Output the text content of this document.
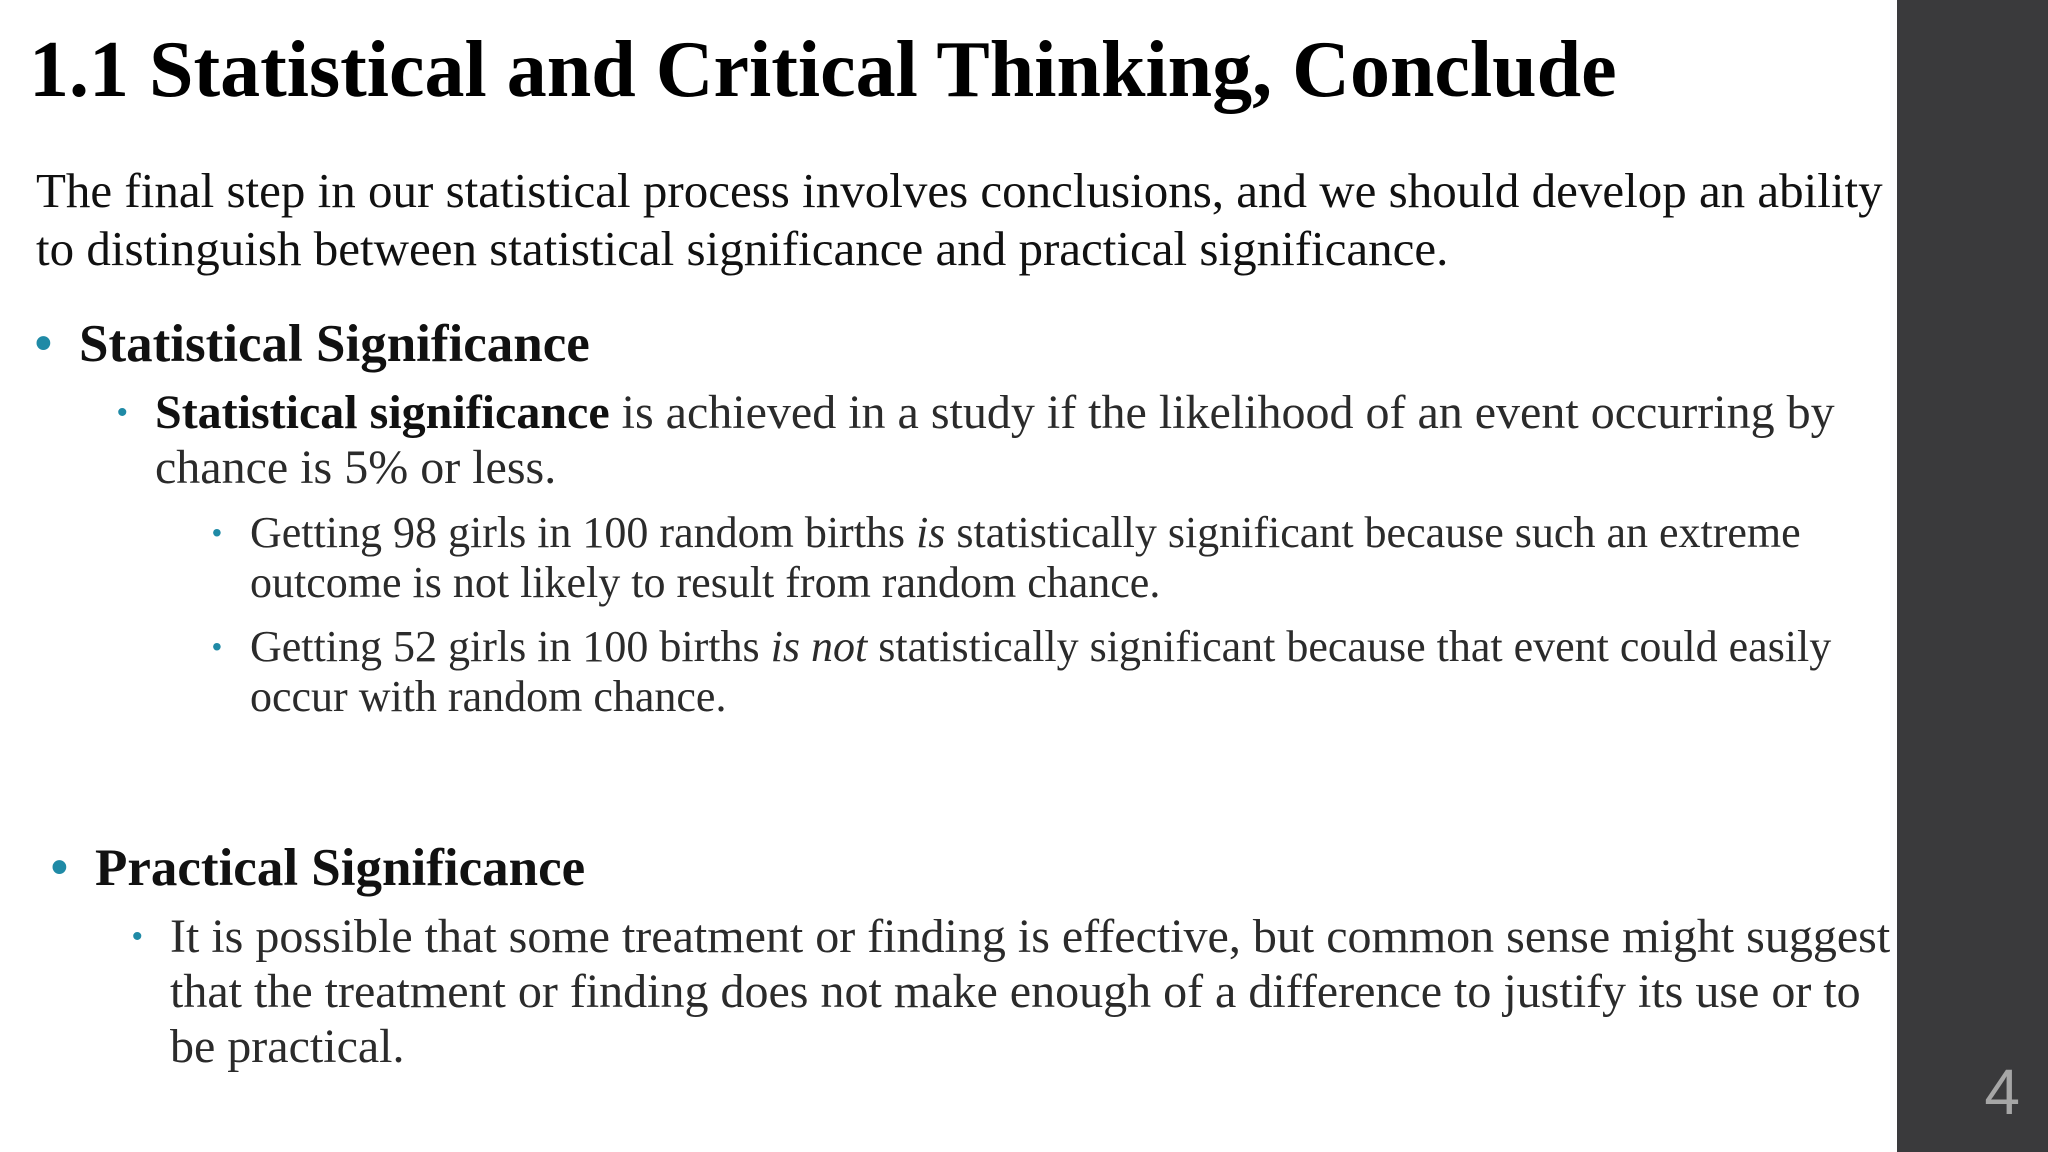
1.1 Statistical and Critical Thinking, Conclude

The final step in our statistical process involves conclusions, and we should develop an ability to distinguish between statistical significance and practical significance.

• Statistical Significance
• Statistical significance is achieved in a study if the likelihood of an event occurring by chance is 5% or less.
• Getting 98 girls in 100 random births is statistically significant because such an extreme outcome is not likely to result from random chance.
• Getting 52 girls in 100 births is not statistically significant because that event could easily occur with random chance.
• Practical Significance
• It is possible that some treatment or finding is effective, but common sense might suggest that the treatment or finding does not make enough of a difference to justify its use or to be practical.
4
